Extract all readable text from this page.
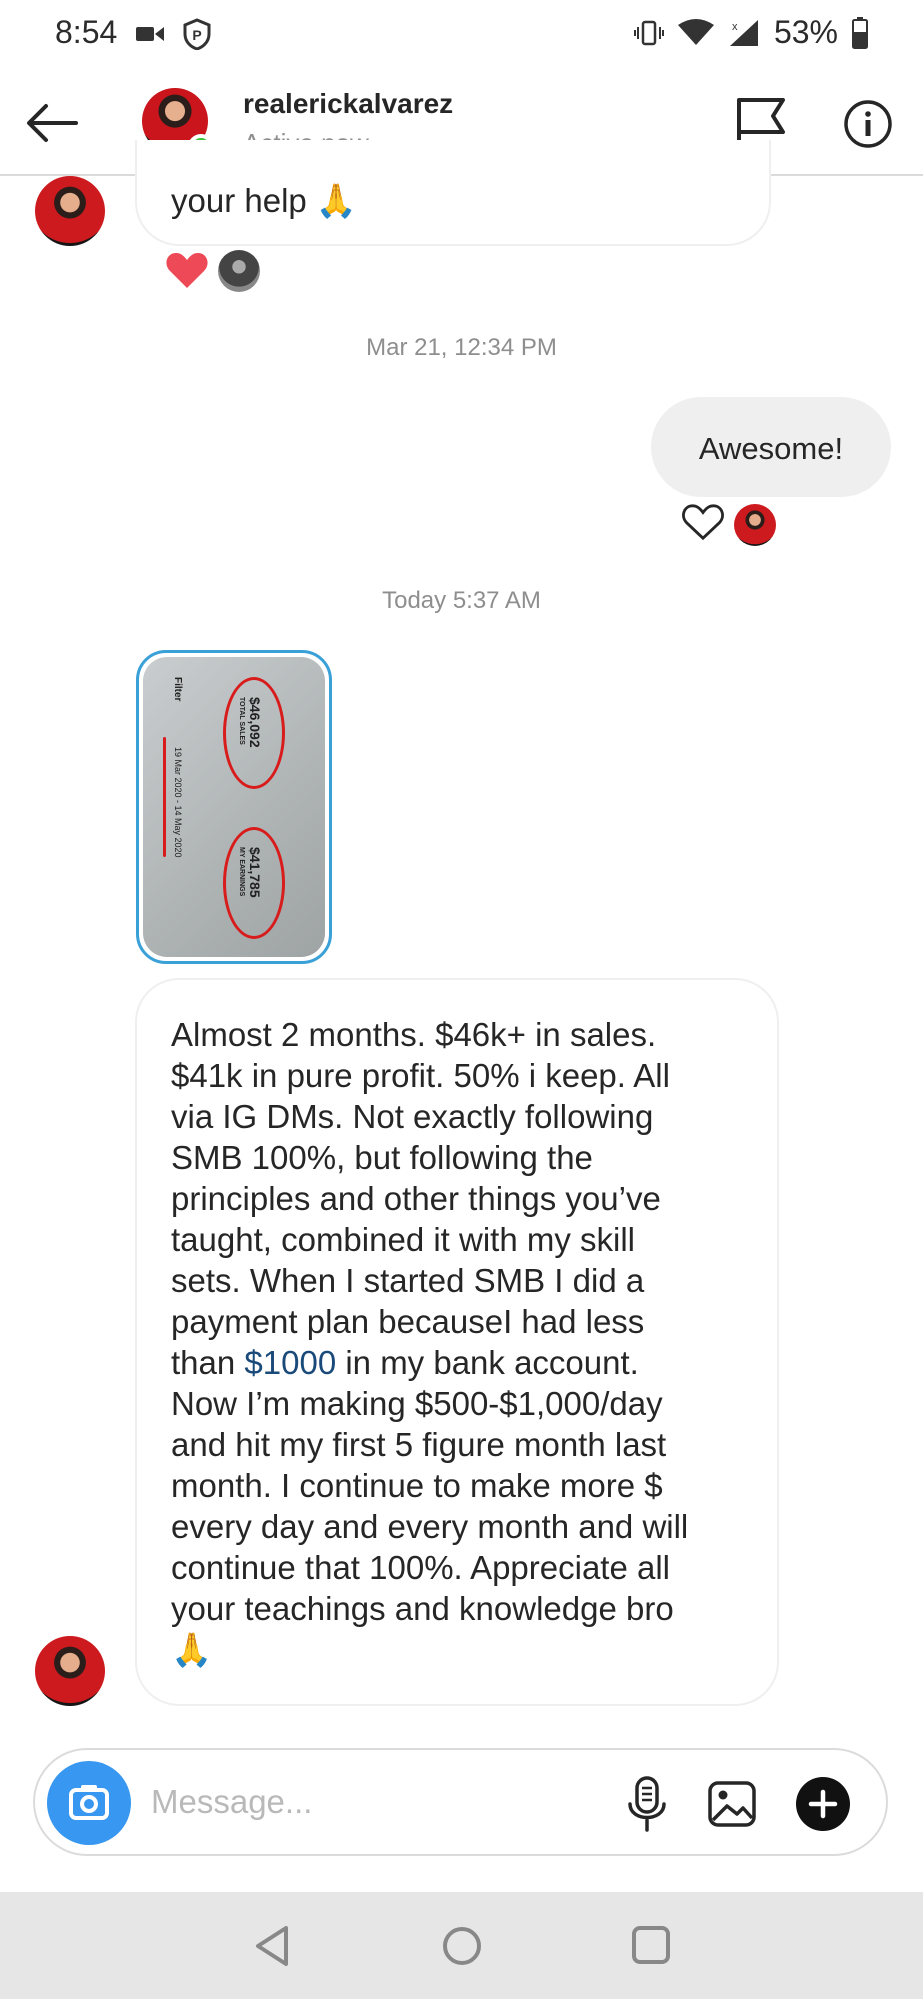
8:54	P
x 53%
realerickalvarez
your help 🙏
Mar 21, 12:34 PM
Awesome!
Today 5:37 AM
Filter
19 Mar 2020 - 14 May 2020
$46,092
TOTAL SALES
$41,785
MY EARNINGS
Almost 2 months. $46k+ in sales.
$41k in pure profit. 50% i keep. All
via IG DMs. Not exactly following
SMB 100%, but following the
principles and other things you’ve
taught, combined it with my skill
sets. When I started SMB I did a
payment plan becauseI had less
than $1000 in my bank account.
Now I’m making $500-$1,000/day
and hit my first 5 figure month last
month. I continue to make more $
every day and every month and will
continue that 100%. Appreciate all
your teachings and knowledge bro
🙏
Message...
